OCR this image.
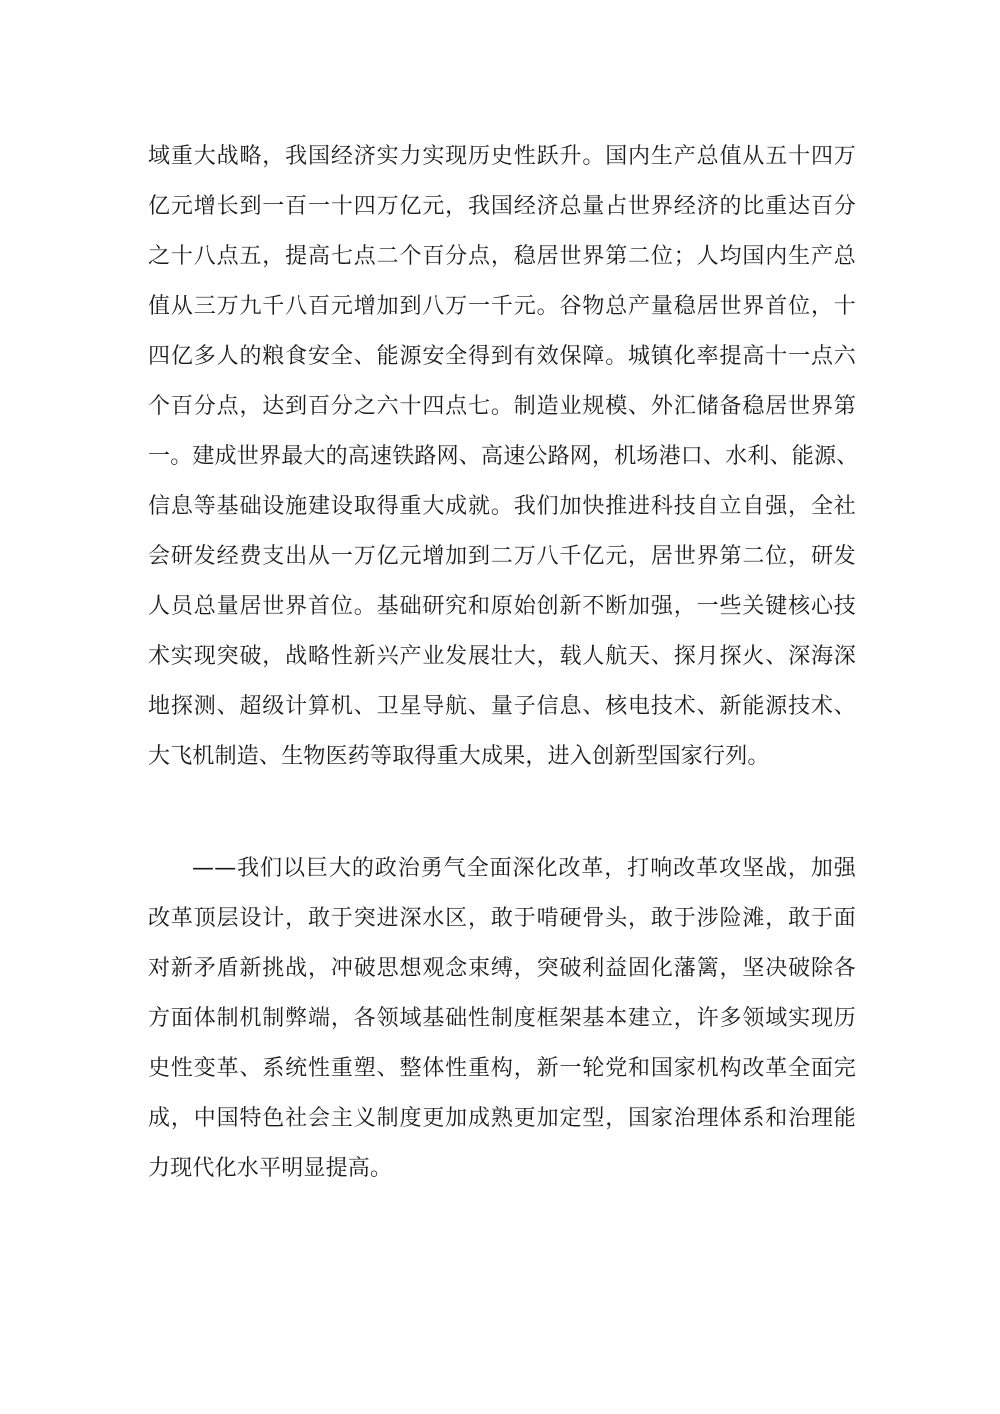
域重大战略，我国经济实力实现历史性跃升。国内生产总值从五十四万
亿元增长到一百一十四万亿元，我国经济总量占世界经济的比重达百分
之十八点五，提高七点二个百分点，稳居世界第二位；人均国内生产总
值从三万九千八百元增加到八万一千元。谷物总产量稳居世界首位，十
四亿多人的粮食安全、能源安全得到有效保障。城镇化率提高十一点六
个百分点，达到百分之六十四点七。制造业规模、外汇储备稳居世界第
一。建成世界最大的高速铁路网、高速公路网，机场港口、水利、能源、
信息等基础设施建设取得重大成就。我们加快推进科技自立自强，全社
会研发经费支出从一万亿元增加到二万八千亿元，居世界第二位，研发
人员总量居世界首位。基础研究和原始创新不断加强，一些关键核心技
术实现突破，战略性新兴产业发展壮大，载人航天、探月探火、深海深
地探测、超级计算机、卫星导航、量子信息、核电技术、新能源技术、
大飞机制造、生物医药等取得重大成果，进入创新型国家行列。
——我们以巨大的政治勇气全面深化改革，打响改革攻坚战，加强
改革顶层设计，敢于突进深水区，敢于啃硬骨头，敢于涉险滩，敢于面
对新矛盾新挑战，冲破思想观念束缚，突破利益固化藩篱，坚决破除各
方面体制机制弊端，各领域基础性制度框架基本建立，许多领域实现历
史性变革、系统性重塑、整体性重构，新一轮党和国家机构改革全面完
成，中国特色社会主义制度更加成熟更加定型，国家治理体系和治理能
力现代化水平明显提高。
